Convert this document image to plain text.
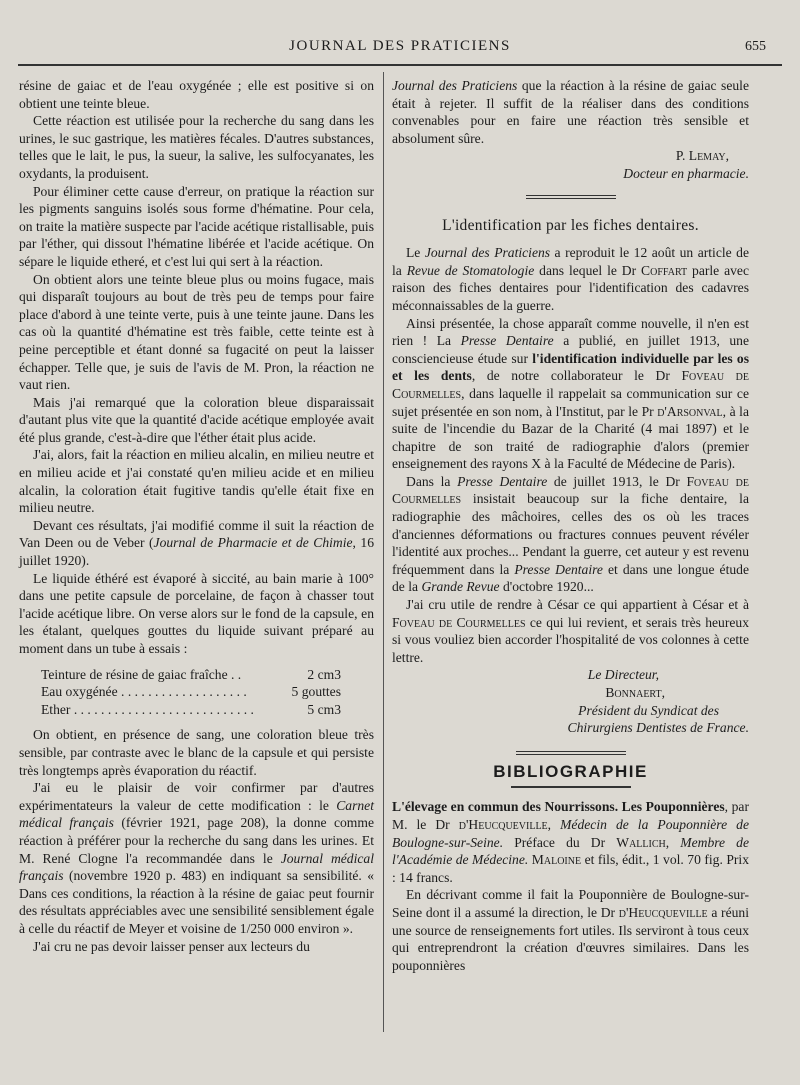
JOURNAL DES PRATICIENS	655

résine de gaiac et de l'eau oxygénée ; elle est positive si on obtient une teinte bleue.

Cette réaction est utilisée pour la recherche du sang dans les urines, le suc gastrique, les matières fécales. D'autres substances, telles que le lait, le pus, la sueur, la salive, les sulfocyanates, les oxydants, la produisent.

Pour éliminer cette cause d'erreur, on pratique la réaction sur les pigments sanguins isolés sous forme d'hématine. Pour cela, on traite la matière suspecte par l'acide acétique ristallisable, puis par l'éther, qui dissout l'hématine libérée et l'acide acétique. On sépare le liquide etheré, et c'est lui qui sert à la réaction.

On obtient alors une teinte bleue plus ou moins fugace, mais qui disparaît toujours au bout de très peu de temps pour faire place d'abord à une teinte verte, puis à une teinte jaune. Dans les cas où la quantité d'hématine est très faible, cette teinte est à peine perceptible et étant donné sa fugacité on peut la laisser échapper. Telle que, je suis de l'avis de M. Pron, la réaction ne vaut rien.

Mais j'ai remarqué que la coloration bleue disparaissait d'autant plus vite que la quantité d'acide acétique employée avait été plus grande, c'est-à-dire que l'éther était plus acide.

J'ai, alors, fait la réaction en milieu alcalin, en milieu neutre et en milieu acide et j'ai constaté qu'en milieu acide et en milieu alcalin, la coloration était fugitive tandis qu'elle était fixe en milieu neutre.

Devant ces résultats, j'ai modifié comme il suit la réaction de Van Deen ou de Veber (Journal de Pharmacie et de Chimie, 16 juillet 1920).

Le liquide éthéré est évaporé à siccité, au bain marie à 100° dans une petite capsule de porcelaine, de façon à chasser tout l'acide acétique libre. On verse alors sur le fond de la capsule, en les étalant, quelques gouttes du liquide suivant préparé au moment dans un tube à essais :

Teinture de résine de gaiac fraîche . .	2 cm3
Eau oxygénée . . . . . . . . . . . . . . . . . . .	5 gouttes
Ether . . . . . . . . . . . . . . . . . . . . . . . . . . .	5 cm3

On obtient, en présence de sang, une coloration bleue très sensible, par contraste avec le blanc de la capsule et qui persiste très longtemps après évaporation du réactif.

J'ai eu le plaisir de voir confirmer par d'autres expérimentateurs la valeur de cette modification : le Carnet médical français (février 1921, page 208), la donne comme réaction à préférer pour la recherche du sang dans les urines. Et M. René Clogne l'a recommandée dans le Journal médical français (novembre 1920 p. 483) en indiquant sa sensibilité. « Dans ces conditions, la réaction à la résine de gaiac peut fournir des résultats appréciables avec une sensibilité sensiblement égale à celle du réactif de Meyer et voisine de 1/250 000 environ ».

J'ai cru ne pas devoir laisser penser aux lecteurs du

Journal des Praticiens que la réaction à la résine de gaiac seule était à rejeter. Il suffit de la réaliser dans des conditions convenables pour en faire une réaction très sensible et absolument sûre.

P. Lemay,

Docteur en pharmacie.

L'identification par les fiches dentaires.

Le Journal des Praticiens a reproduit le 12 août un article de la Revue de Stomatologie dans lequel le Dr Coffart parle avec raison des fiches dentaires pour l'identification des cadavres méconnaissables de la guerre.

Ainsi présentée, la chose apparaît comme nouvelle, il n'en est rien ! La Presse Dentaire a publié, en juillet 1913, une consciencieuse étude sur l'identification individuelle par les os et les dents, de notre collaborateur le Dr Foveau de Courmelles, dans laquelle il rappelait sa communication sur ce sujet présentée en son nom, à l'Institut, par le Pr d'Arsonval, à la suite de l'incendie du Bazar de la Charité (4 mai 1897) et le chapitre de son traité de radiographie d'alors (premier enseignement des rayons X à la Faculté de Médecine de Paris).

Dans la Presse Dentaire de juillet 1913, le Dr Foveau de Courmelles insistait beaucoup sur la fiche dentaire, la radiographie des mâchoires, celles des os où les traces d'anciennes déformations ou fractures connues peuvent révéler l'identité aux proches... Pendant la guerre, cet auteur y est revenu fréquemment dans la Presse Dentaire et dans une longue étude de la Grande Revue d'octobre 1920...

J'ai cru utile de rendre à César ce qui appartient à César et à Foveau de Courmelles ce qui lui revient, et serais très heureux si vous vouliez bien accorder l'hospitalité de vos colonnes à cette lettre.

Le Directeur,

Bonnaert,

Président du Syndicat des

Chirurgiens Dentistes de France.

BIBLIOGRAPHIE

L'élevage en commun des Nourrissons. Les Pouponnières, par M. le Dr d'Heucqueville, Médecin de la Pouponnière de Boulogne-sur-Seine. Préface du Dr Wallich, Membre de l'Académie de Médecine. Maloine et fils, édit., 1 vol. 70 fig. Prix : 14 francs.

En décrivant comme il fait la Pouponnière de Boulogne-sur-Seine dont il a assumé la direction, le Dr d'Heucqueville a réuni une source de renseignements fort utiles. Ils serviront à tous ceux qui entreprendront la création d'œuvres similaires. Dans les pouponnières
